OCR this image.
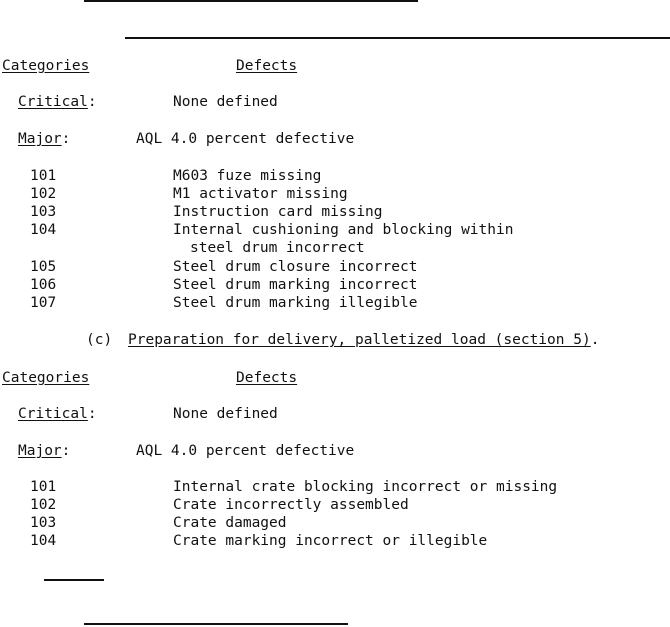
Categories	Defects
Critical:	None defined
Major:	AQL 4.0 percent defective
101	M603 fuze missing
102	M1 activator missing
103	Instruction card missing
104	Internal cushioning and blocking within
steel drum incorrect
105	Steel drum closure incorrect
106	Steel drum marking incorrect
107	Steel drum marking illegible
(c) Preparation for delivery, palletized load (section 5).
Categories	Defects
Critical:	None defined
Major:	AQL 4.0 percent defective
101	Internal crate blocking incorrect or missing
102	Crate incorrectly assembled
103	Crate damaged
104	Crate marking incorrect or illegible
